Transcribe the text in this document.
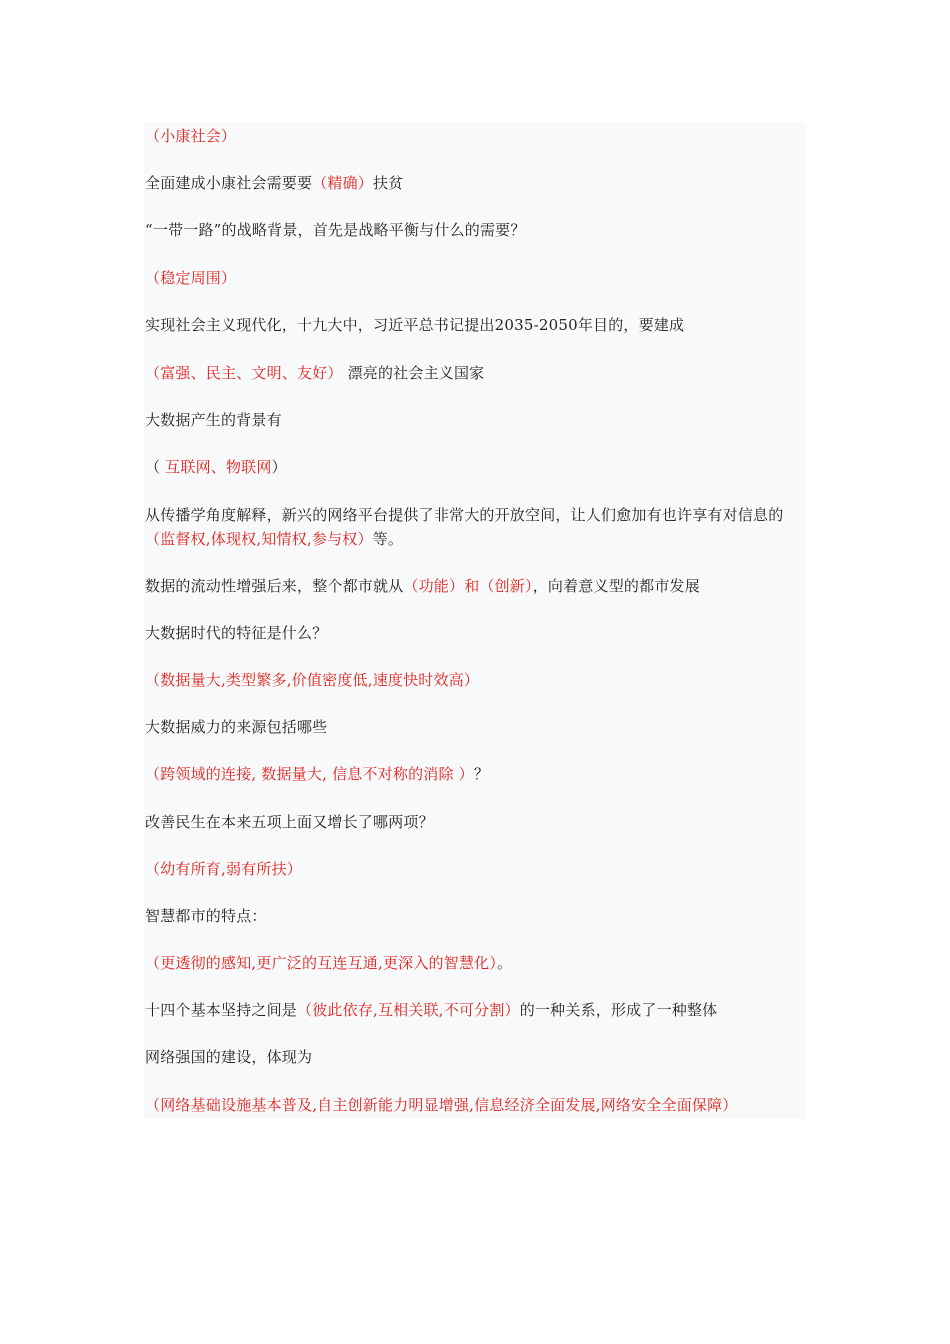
（小康社会）
全面建成小康社会需要要（精确）扶贫
“一带一路”的战略背景，首先是战略平衡与什么的需要？
（稳定周围）
实现社会主义现代化，十九大中，习近平总书记提出2035-2050年目的，要建成
（富强、民主、文明、友好） 漂亮的社会主义国家
大数据产生的背景有
（ 互联网、物联网）
从传播学角度解释，新兴的网络平台提供了非常大的开放空间，让人们愈加有也许享有对信息的（监督权,体现权,知情权,参与权）等。
数据的流动性增强后来，整个都市就从（功能）和（创新），向着意义型的都市发展
大数据时代的特征是什么？
（数据量大,类型繁多,价值密度低,速度快时效高）
大数据威力的来源包括哪些
（跨领域的连接, 数据量大, 信息不对称的消除 ）？
改善民生在本来五项上面又增长了哪两项？
（幼有所育,弱有所扶）
智慧都市的特点：
（更透彻的感知,更广泛的互连互通,更深入的智慧化）。
十四个基本坚持之间是（彼此依存,互相关联,不可分割）的一种关系，形成了一种整体
网络强国的建设，体现为
（网络基础设施基本普及,自主创新能力明显增强,信息经济全面发展,网络安全全面保障）
